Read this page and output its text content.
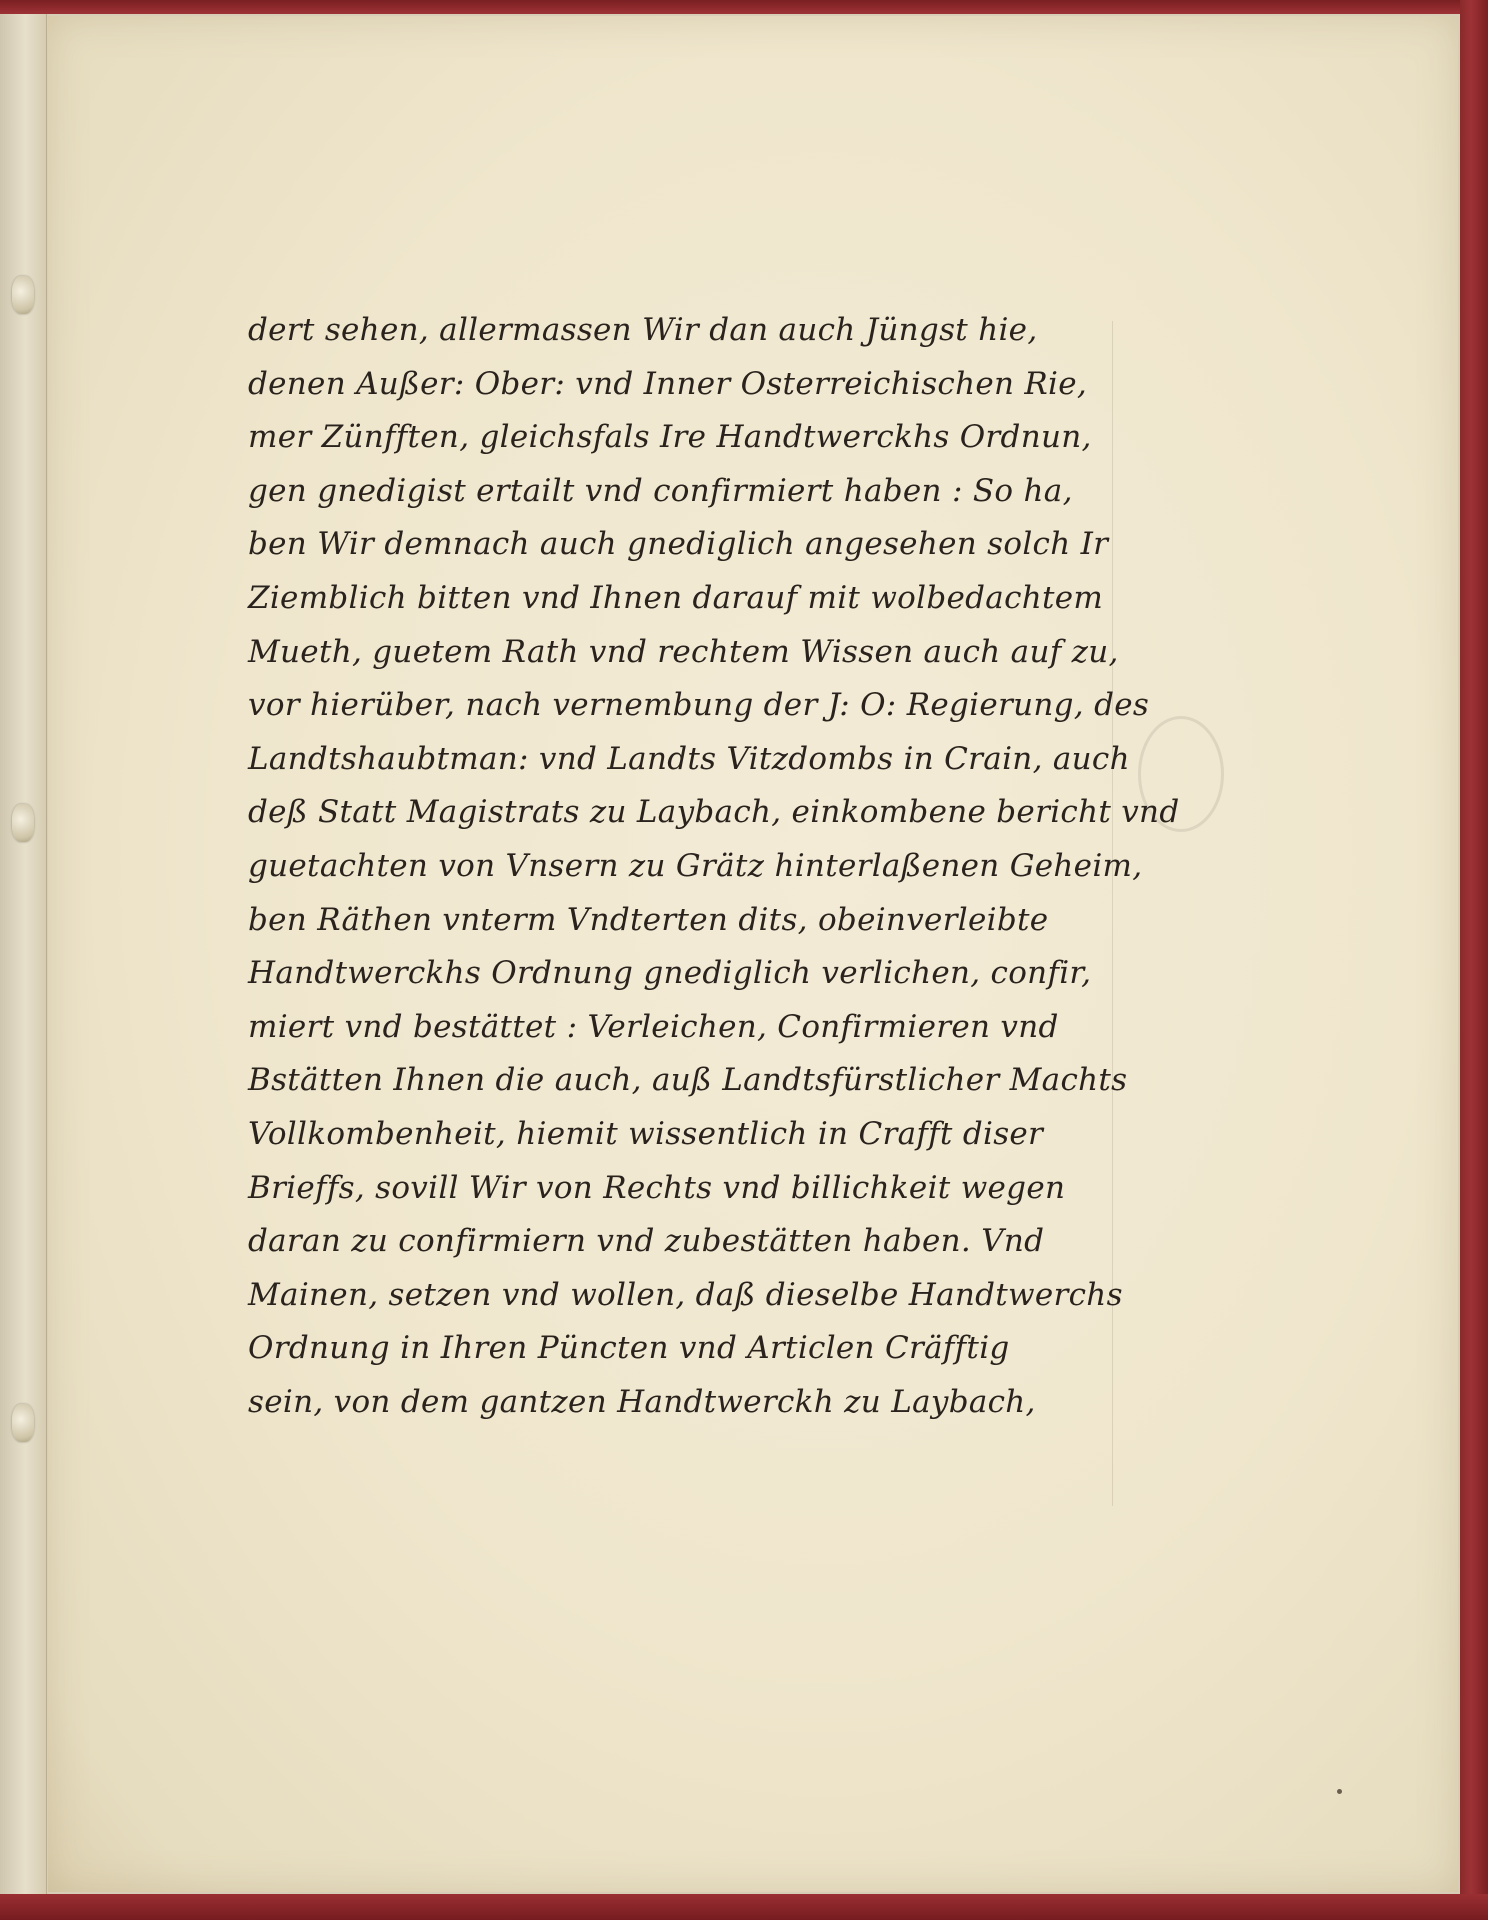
dert sehen, allermassen Wir dan auch Jüngst hie,
denen Außer: Ober: vnd Inner Osterreichischen Rie,
mer Zünfften, gleichsfals Ire Handtwerckhs Ordnun,
gen gnedigist ertailt vnd confirmiert haben : So ha,
ben Wir demnach auch gnediglich angesehen solch Ir
Ziemblich bitten vnd Ihnen darauf mit wolbedachtem
Mueth, guetem Rath vnd rechtem Wissen auch auf zu,
vor hierüber, nach vernembung der J: O: Regierung, des
Landtshaubtman: vnd Landts Vitzdombs in Crain, auch
deß Statt Magistrats zu Laybach, einkombene bericht vnd
guetachten von Vnsern zu Grätz hinterlaßenen Geheim,
ben Räthen vnterm Vndterten dits, obeinverleibte
Handtwerckhs Ordnung gnediglich verlichen, confir,
miert vnd bestättet : Verleichen, Confirmieren vnd
Bstätten Ihnen die auch, auß Landtsfürstlicher Machts
Vollkombenheit, hiemit wissentlich in Crafft diser
Brieffs, sovill Wir von Rechts vnd billichkeit wegen
daran zu confirmiern vnd zubestätten haben. Vnd
Mainen, setzen vnd wollen, daß dieselbe Handtwerchs
Ordnung in Ihren Püncten vnd Articlen Cräfftig
sein, von dem gantzen Handtwerckh zu Laybach,
